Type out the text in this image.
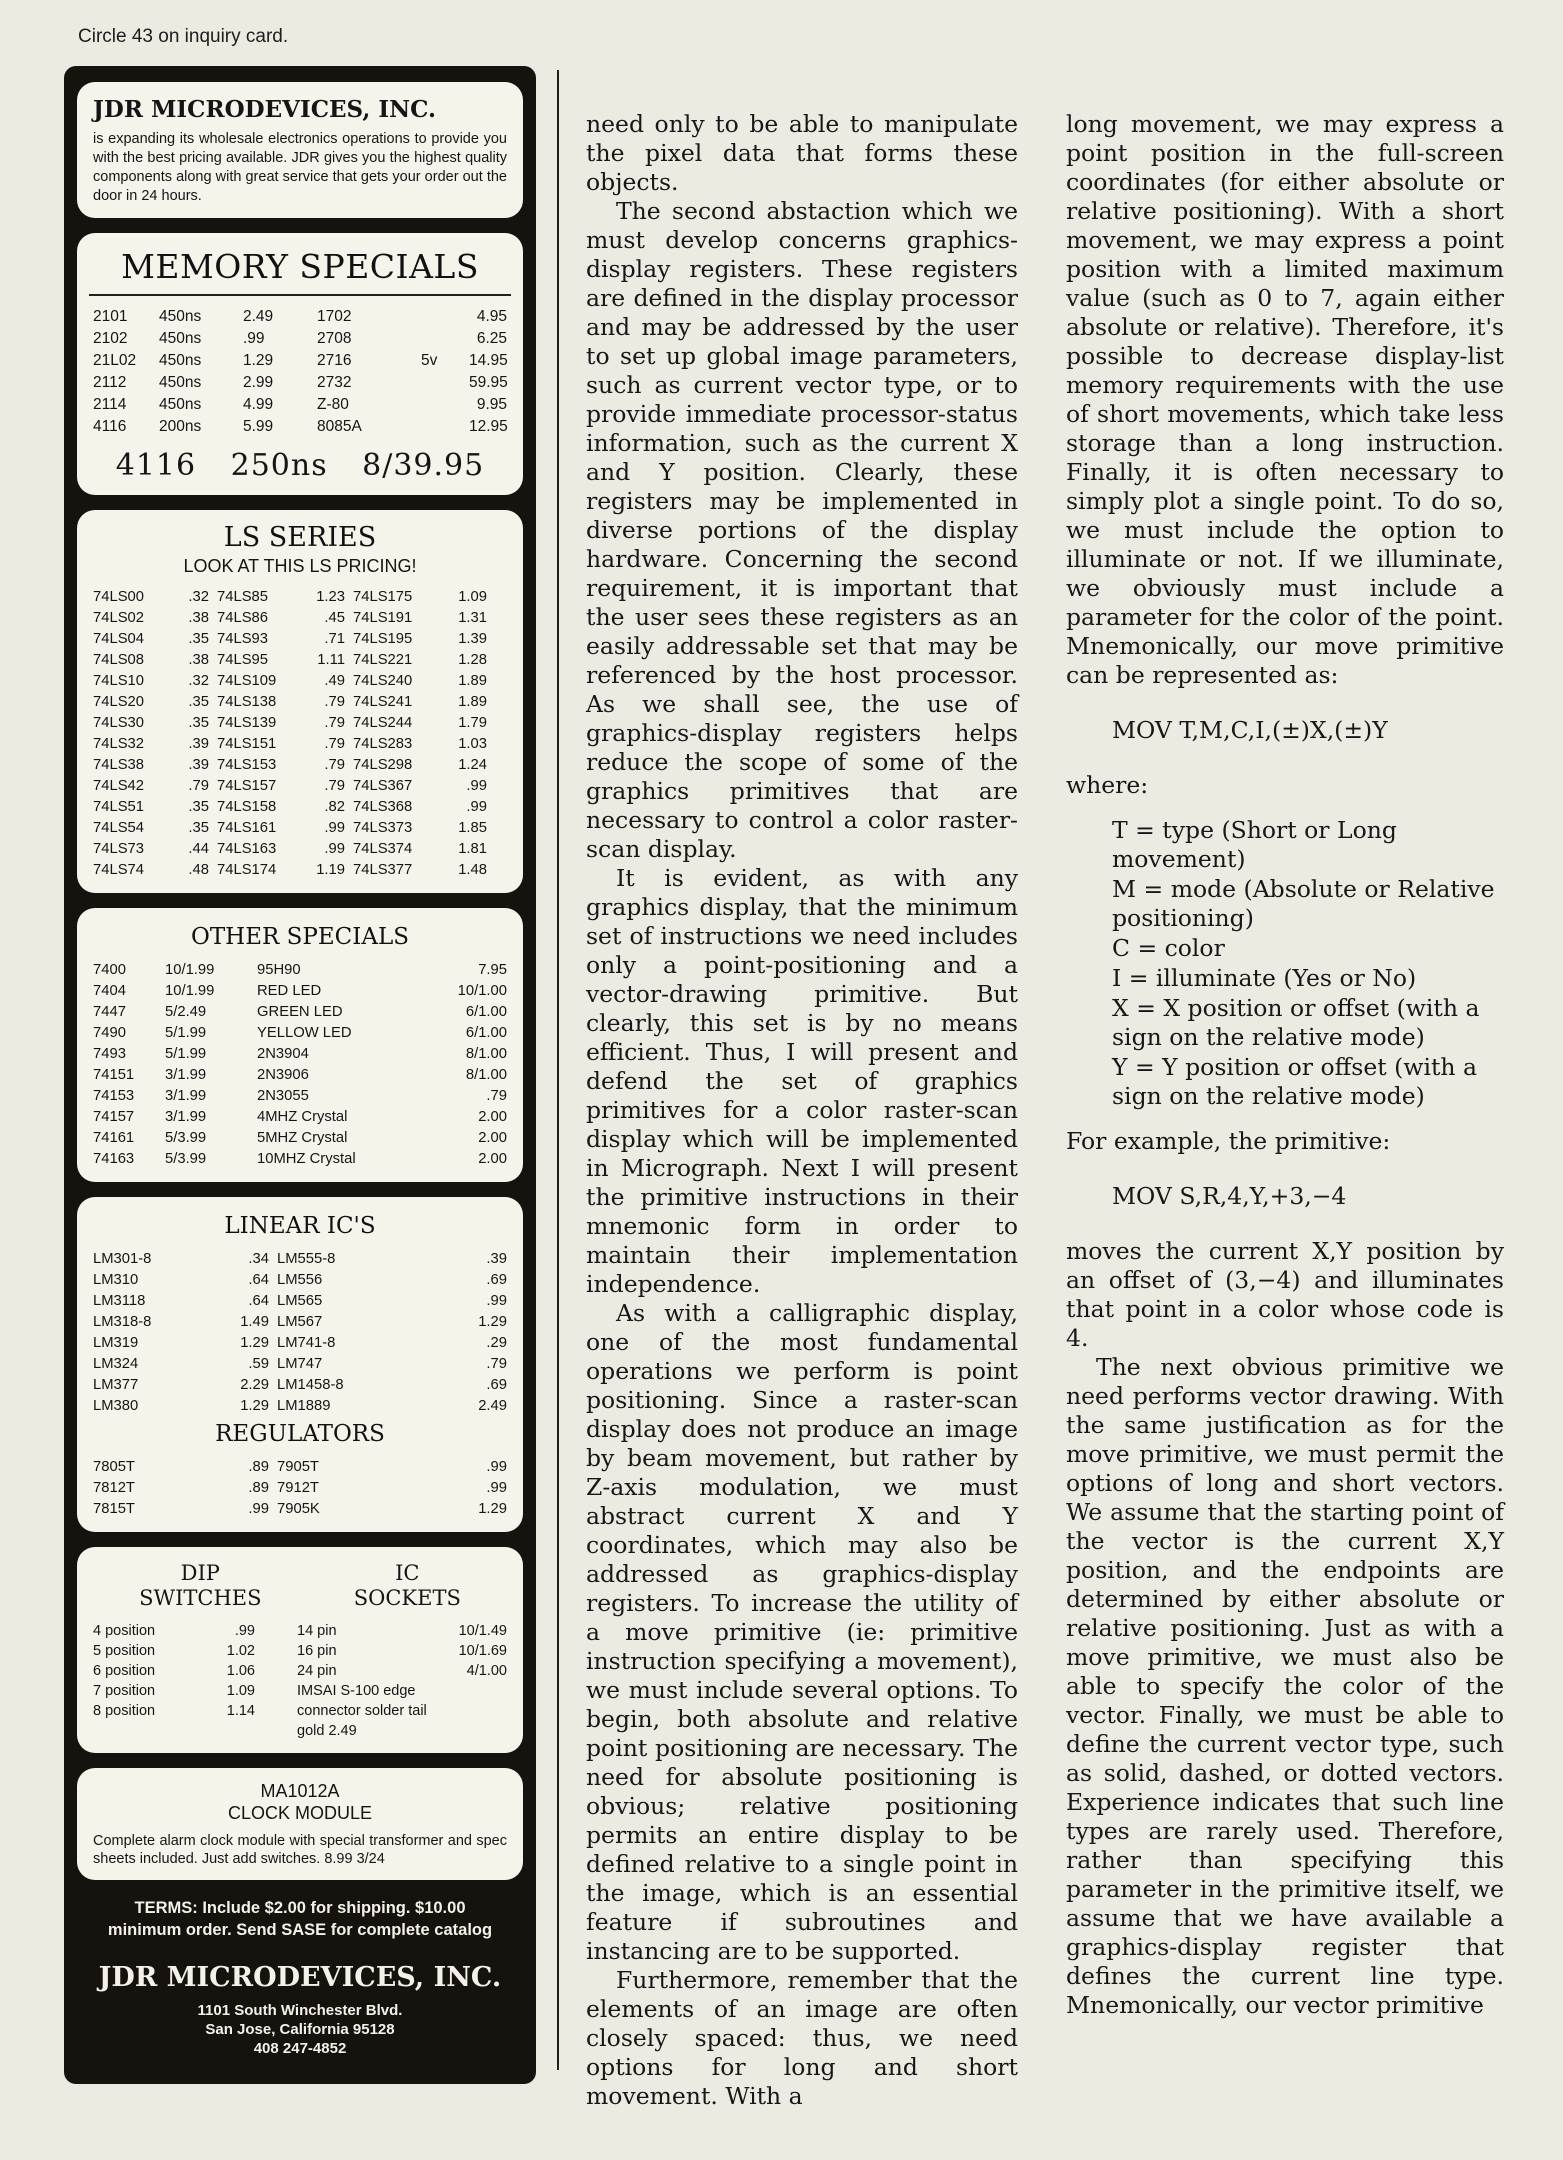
Circle 43 on inquiry card.
JDR MICRODEVICES, INC.
is expanding its wholesale electronics operations to provide you with the best pricing available. JDR gives you the highest quality components along with great service that gets your order out the door in 24 hours.
MEMORY SPECIALS
2101	450ns	2.49	1702	4.95
2102	450ns	.99	2708	6.25
21L02	450ns	1.29	2716	5v	14.95
2112	450ns	2.99	2732	59.95
2114	450ns	4.99	Z-80	9.95
4116	200ns	5.99	8085A	12.95
4116 250ns 8/39.95
LS SERIES
LOOK AT THIS LS PRICING!
74LS00	.32 74LS85	1.23 74LS175	1.09
74LS02	.38 74LS86	.45 74LS191	1.31
74LS04	.35 74LS93	.71 74LS195	1.39
74LS08	.38 74LS95	1.11 74LS221	1.28
74LS10	.32 74LS109	.49 74LS240	1.89
74LS20	.35 74LS138	.79 74LS241	1.89
74LS30	.35 74LS139	.79 74LS244	1.79
74LS32	.39 74LS151	.79 74LS283	1.03
74LS38	.39 74LS153	.79 74LS298	1.24
74LS42	.79 74LS157	.79 74LS367	.99
74LS51	.35 74LS158	.82 74LS368	.99
74LS54	.35 74LS161	.99 74LS373	1.85
74LS73	.44 74LS163	.99 74LS374	1.81
74LS74	.48 74LS174	1.19 74LS377	1.48
OTHER SPECIALS
7400	10/1.99	95H90	7.95
7404	10/1.99	RED LED	10/1.00
7447	5/2.49	GREEN LED	6/1.00
7490	5/1.99	YELLOW LED	6/1.00
7493	5/1.99	2N3904	8/1.00
74151	3/1.99	2N3906	8/1.00
74153	3/1.99	2N3055	.79
74157	3/1.99	4MHZ Crystal	2.00
74161	5/3.99	5MHZ Crystal	2.00
74163	5/3.99	10MHZ Crystal	2.00
LINEAR IC'S
LM301-8	.34 LM555-8	.39
LM310	.64 LM556	.69
LM3118	.64 LM565	.99
LM318-8	1.49 LM567	1.29
LM319	1.29 LM741-8	.29
LM324	.59 LM747	.79
LM377	2.29 LM1458-8	.69
LM380	1.29 LM1889	2.49
REGULATORS
7805T	.89 7905T	.99
7812T	.89 7912T	.99
7815T	.99 7905K	1.29
DIP
SWITCHES
IC
SOCKETS
4 position	.99	14 pin	10/1.49
5 position	1.02	16 pin	10/1.69
6 position	1.06	24 pin	4/1.00
7 position	1.09	IMSAI S-100 edge
8 position	1.14	connector solder tail
gold 2.49
MA1012A
CLOCK MODULE
Complete alarm clock module with special transformer and spec sheets included. Just add switches. 8.99 3/24
TERMS: Include $2.00 for shipping. $10.00 minimum order. Send SASE for complete catalog
JDR MICRODEVICES, INC.
1101 South Winchester Blvd.
San Jose, California 95128
408 247-4852
need only to be able to manipulate the pixel data that forms these objects.
The second abstaction which we must develop concerns graphics-display registers. These registers are defined in the display processor and may be addressed by the user to set up global image parameters, such as current vector type, or to provide immediate processor-status information, such as the current X and Y position. Clearly, these registers may be implemented in diverse portions of the display hardware. Concerning the second requirement, it is important that the user sees these registers as an easily addressable set that may be referenced by the host processor. As we shall see, the use of graphics-display registers helps reduce the scope of some of the graphics primitives that are necessary to control a color raster-scan display.
It is evident, as with any graphics display, that the minimum set of instructions we need includes only a point-positioning and a vector-drawing primitive. But clearly, this set is by no means efficient. Thus, I will present and defend the set of graphics primitives for a color raster-scan display which will be implemented in Micrograph. Next I will present the primitive instructions in their mnemonic form in order to maintain their implementation independence.
As with a calligraphic display, one of the most fundamental operations we perform is point positioning. Since a raster-scan display does not produce an image by beam movement, but rather by Z-axis modulation, we must abstract current X and Y coordinates, which may also be addressed as graphics-display registers. To increase the utility of a move primitive (ie: primitive instruction specifying a movement), we must include several options. To begin, both absolute and relative point positioning are necessary. The need for absolute positioning is obvious; relative positioning permits an entire display to be defined relative to a single point in the image, which is an essential feature if subroutines and instancing are to be supported.
Furthermore, remember that the elements of an image are often closely spaced: thus, we need options for long and short movement. With a
long movement, we may express a point position in the full-screen coordinates (for either absolute or relative positioning). With a short movement, we may express a point position with a limited maximum value (such as 0 to 7, again either absolute or relative). Therefore, it's possible to decrease display-list memory requirements with the use of short movements, which take less storage than a long instruction. Finally, it is often necessary to simply plot a single point. To do so, we must include the option to illuminate or not. If we illuminate, we obviously must include a parameter for the color of the point. Mnemonically, our move primitive can be represented as:
MOV T,M,C,I,(±)X,(±)Y
where:
T = type (Short or Long movement)
M = mode (Absolute or Relative positioning)
C = color
I = illuminate (Yes or No)
X = X position or offset (with a sign on the relative mode)
Y = Y position or offset (with a sign on the relative mode)
For example, the primitive:
MOV S,R,4,Y,+3,−4
moves the current X,Y position by an offset of (3,−4) and illuminates that point in a color whose code is 4.
The next obvious primitive we need performs vector drawing. With the same justification as for the move primitive, we must permit the options of long and short vectors. We assume that the starting point of the vector is the current X,Y position, and the endpoints are determined by either absolute or relative positioning. Just as with a move primitive, we must also be able to specify the color of the vector. Finally, we must be able to define the current vector type, such as solid, dashed, or dotted vectors. Experience indicates that such line types are rarely used. Therefore, rather than specifying this parameter in the primitive itself, we assume that we have available a graphics-display register that defines the current line type. Mnemonically, our vector primitive
